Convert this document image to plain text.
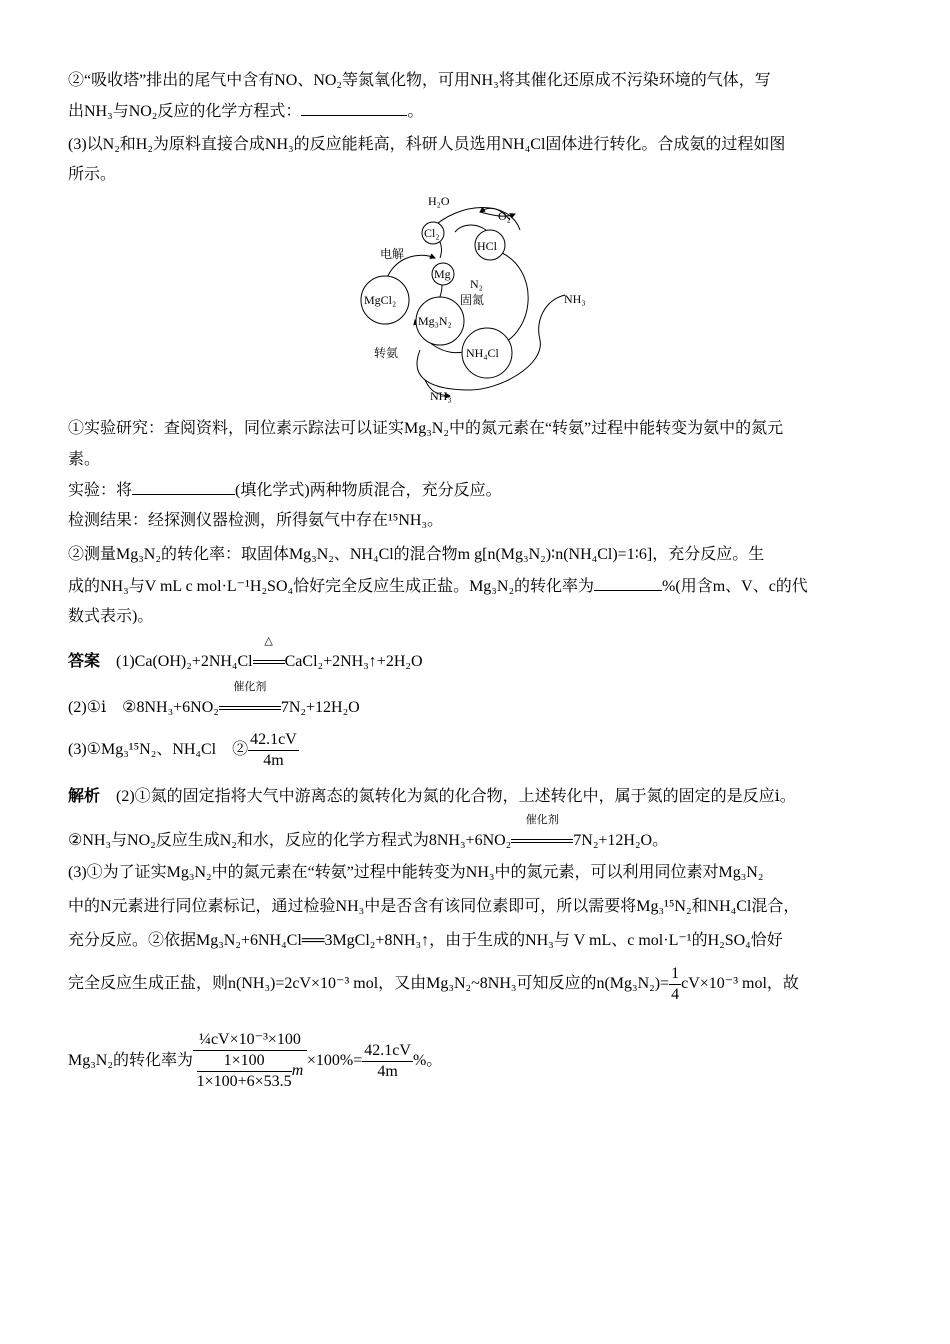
②“吸收塔”排出的尾气中含有NO、NO₂等氮氧化物，可用NH₃将其催化还原成不污染环境的气体，写
出NH₃与NO₂反应的化学方程式：	。
(3)以N₂和H₂为原料直接合成NH₃的反应能耗高，科研人员选用NH₄Cl固体进行转化。合成氨的过程如图
所示。
H₂O
O₂
Cl₂
HCl
电解
Mg
N₂
固氮
MgCl₂
Mg₃N₂
NH₃
NH₄Cl
转氨
NH₃
①实验研究：查阅资料，同位素示踪法可以证实Mg₃N₂中的氮元素在“转氨”过程中能转变为氨中的氮元
素。
实验：将	(填化学式)两种物质混合，充分反应。
检测结果：经探测仪器检测，所得氨气中存在¹⁵NH₃。
②测量Mg₃N₂的转化率：取固体Mg₃N₂、NH₄Cl的混合物m g[n(Mg₃N₂)∶n(NH₄Cl)=1∶6]，充分反应。生
成的NH₃与V mL c mol·L⁻¹H₂SO₄恰好完全反应生成正盐。Mg₃N₂的转化率为	%(用含m、V、c的代
数式表示)。
答案 (1)Ca(OH)₂+2NH₄Cl
△
CaCl₂+2NH₃↑+2H₂O
(2)①ⅰ　②8NH₃+6NO₂
催化剂
7N₂+12H₂O
(3)①Mg₃¹⁵N₂、NH₄Cl　② $\frac{42.1cV}{4m}$
解析 (2)①氮的固定指将大气中游离态的氮转化为氮的化合物，上述转化中，属于氮的固定的是反应ⅰ。
②NH₃与NO₂反应生成N₂和水，反应的化学方程式为8NH₃+6NO₂
催化剂
7N₂+12H₂O。
(3)①为了证实Mg₃N₂中的氮元素在“转氨”过程中能转变为NH₃中的氮元素，可以利用同位素对Mg₃N₂
中的N元素进行同位素标记，通过检验NH₃中是否含有该同位素即可，所以需要将Mg₃¹⁵N₂和NH₄Cl混合，
充分反应。②依据Mg₃N₂+6NH₄Cl══3MgCl₂+8NH₃↑，由于生成的NH₃与 V mL、c mol·L⁻¹的H₂SO₄恰好
完全反应生成正盐，则n(NH₃)=2cV×10⁻³ mol，又由Mg₃N₂~8NH₃可知反应的$n(Mg_3N_2)= \frac{1}{4} cV\times 10^{-3}$ mol，故
Mg₃N₂的转化率为 $\frac{\text{¼cV×10⁻³×100}}{\frac{1\times 100}{1\times 100+6\times 53.5} m} \times 100\%= \frac{42.1cV}{4m}$ %。
